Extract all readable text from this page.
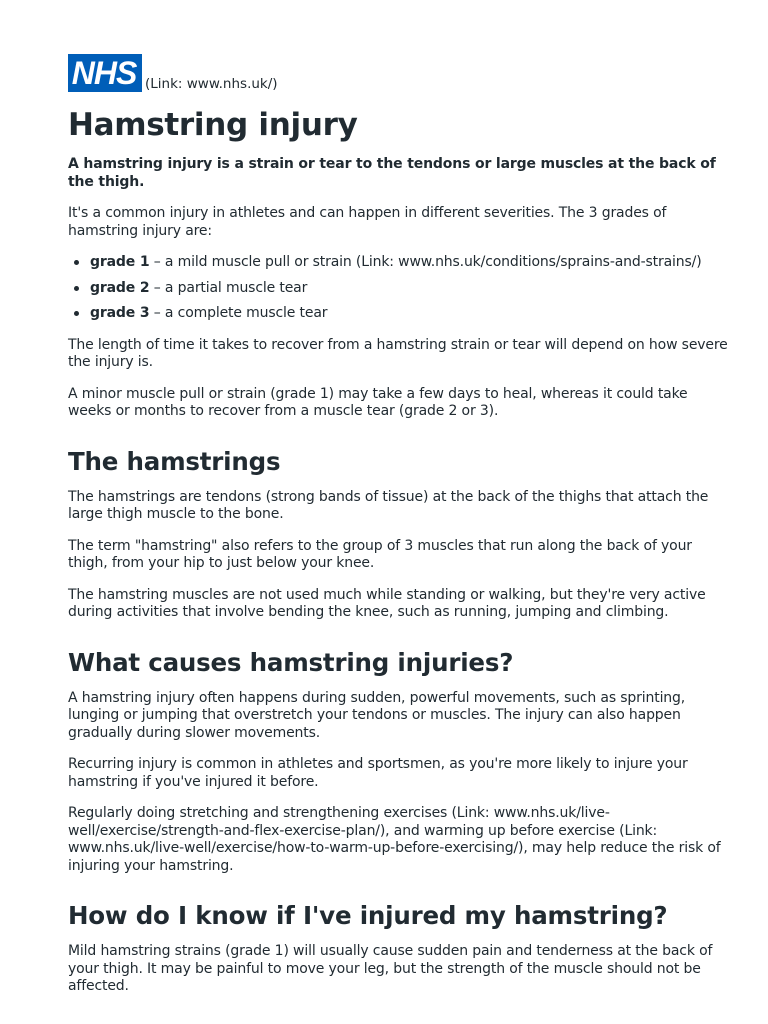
NHS (Link: www.nhs.uk/)
Hamstring injury

A hamstring injury is a strain or tear to the tendons or large muscles at the back of the thigh.

It's a common injury in athletes and can happen in different severities. The 3 grades of hamstring injury are:

grade 1 – a mild muscle pull or strain (Link: www.nhs.uk/conditions/sprains-and-strains/)
grade 2 – a partial muscle tear
grade 3 – a complete muscle tear

The length of time it takes to recover from a hamstring strain or tear will depend on how severe the injury is.

A minor muscle pull or strain (grade 1) may take a few days to heal, whereas it could take weeks or months to recover from a muscle tear (grade 2 or 3).

The hamstrings

The hamstrings are tendons (strong bands of tissue) at the back of the thighs that attach the large thigh muscle to the bone.

The term "hamstring" also refers to the group of 3 muscles that run along the back of your thigh, from your hip to just below your knee.

The hamstring muscles are not used much while standing or walking, but they're very active during activities that involve bending the knee, such as running, jumping and climbing.

What causes hamstring injuries?

A hamstring injury often happens during sudden, powerful movements, such as sprinting, lunging or jumping that overstretch your tendons or muscles. The injury can also happen gradually during slower movements.

Recurring injury is common in athletes and sportsmen, as you're more likely to injure your hamstring if you've injured it before.

Regularly doing stretching and strengthening exercises (Link: www.nhs.uk/live-well/exercise/strength-and-flex-exercise-plan/), and warming up before exercise (Link: www.nhs.uk/live-well/exercise/how-to-warm-up-before-exercising/), may help reduce the risk of injuring your hamstring.

How do I know if I've injured my hamstring?

Mild hamstring strains (grade 1) will usually cause sudden pain and tenderness at the back of your thigh. It may be painful to move your leg, but the strength of the muscle should not be affected.
